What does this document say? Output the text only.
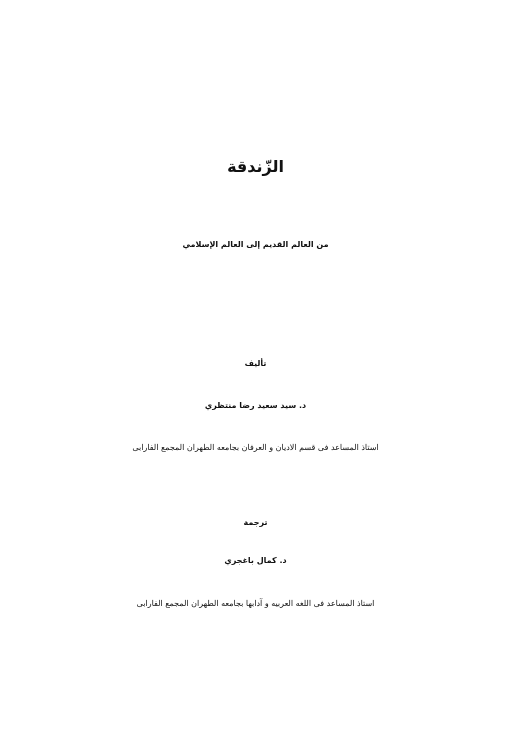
الزّندقة
من العالم القديم إلى العالم الإسلامي
تأليف
د. سيد سعيد رضا منتظري
استاذ المساعد فی قسم الادیان و العرفان بجامعه الطهران المجمع الفارابی
ترجمة
د. كمال باغجري
استاذ المساعد فی اللغه العربیه و آدابها بجامعه الطهران المجمع الفارابی
